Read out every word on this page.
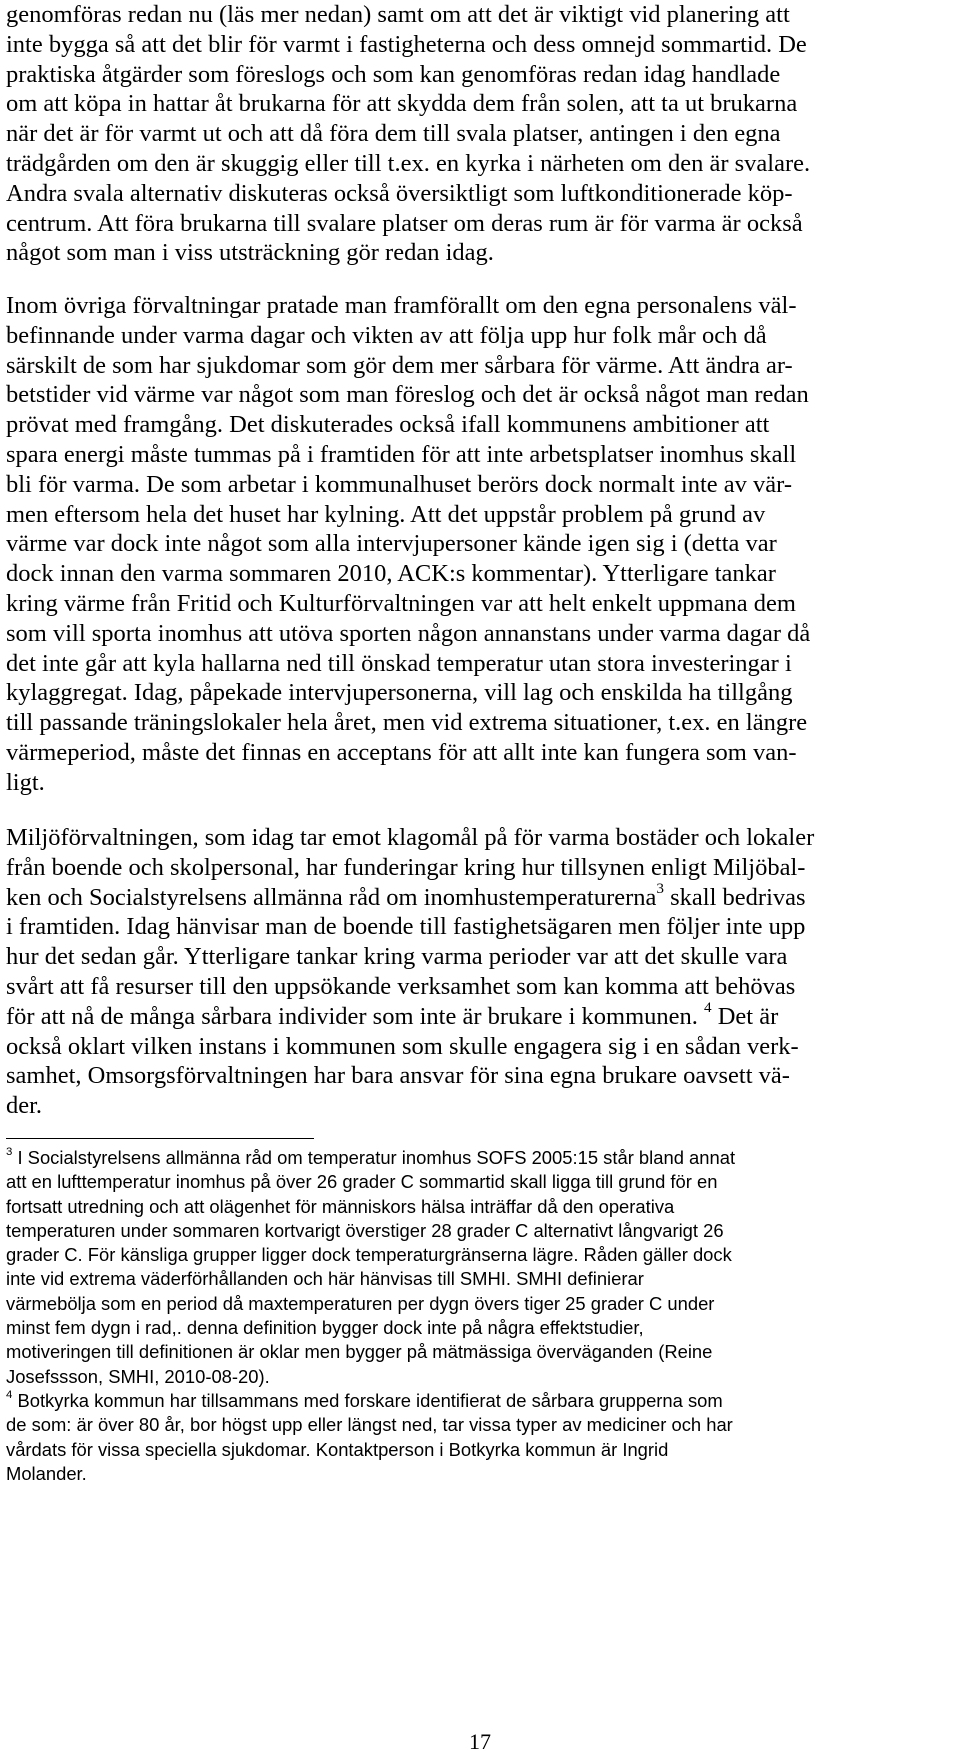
genomföras redan nu (läs mer nedan) samt om att det är viktigt vid planering att
inte bygga så att det blir för varmt i fastigheterna och dess omnejd sommartid. De
praktiska åtgärder som föreslogs och som kan genomföras redan idag handlade
om att köpa in hattar åt brukarna för att skydda dem från solen, att ta ut brukarna
när det är för varmt ut och att då föra dem till svala platser, antingen i den egna
trädgården om den är skuggig eller till t.ex. en kyrka i närheten om den är svalare.
Andra svala alternativ diskuteras också översiktligt som luftkonditionerade köp-
centrum. Att föra brukarna till svalare platser om deras rum är för varma är också
något som man i viss utsträckning gör redan idag.

Inom övriga förvaltningar pratade man framförallt om den egna personalens väl-
befinnande under varma dagar och vikten av att följa upp hur folk mår och då
särskilt de som har sjukdomar som gör dem mer sårbara för värme. Att ändra ar-
betstider vid värme var något som man föreslog och det är också något man redan
prövat med framgång. Det diskuterades också ifall kommunens ambitioner att
spara energi måste tummas på i framtiden för att inte arbetsplatser inomhus skall
bli för varma. De som arbetar i kommunalhuset berörs dock normalt inte av vär-
men eftersom hela det huset har kylning. Att det uppstår problem på grund av
värme var dock inte något som alla intervjupersoner kände igen sig i (detta var
dock innan den varma sommaren 2010, ACK:s kommentar). Ytterligare tankar
kring värme från Fritid och Kulturförvaltningen var att helt enkelt uppmana dem
som vill sporta inomhus att utöva sporten någon annanstans under varma dagar då
det inte går att kyla hallarna ned till önskad temperatur utan stora investeringar i
kylaggregat. Idag, påpekade intervjupersonerna, vill lag och enskilda ha tillgång
till passande träningslokaler hela året, men vid extrema situationer, t.ex. en längre
värmeperiod, måste det finnas en acceptans för att allt inte kan fungera som van-
ligt.

Miljöförvaltningen, som idag tar emot klagomål på för varma bostäder och lokaler
från boende och skolpersonal, har funderingar kring hur tillsynen enligt Miljöbal-
ken och Socialstyrelsens allmänna råd om inomhustemperaturerna$^3$ skall bedrivas
i framtiden. Idag hänvisar man de boende till fastighetsägaren men följer inte upp
hur det sedan går. Ytterligare tankar kring varma perioder var att det skulle vara
svårt att få resurser till den uppsökande verksamhet som kan komma att behövas
för att nå de många sårbara individer som inte är brukare i kommunen. $^4$ Det är
också oklart vilken instans i kommunen som skulle engagera sig i en sådan verk-
samhet, Omsorgsförvaltningen har bara ansvar för sina egna brukare oavsett vä-
der.

$^3$ I Socialstyrelsens allmänna råd om temperatur inomhus SOFS 2005:15 står bland annat
att en lufttemperatur inomhus på över 26 grader C sommartid skall ligga till grund för en
fortsatt utredning och att olägenhet för människors hälsa inträffar då den operativa
temperaturen under sommaren kortvarigt överstiger 28 grader C alternativt långvarigt 26
grader C. För känsliga grupper ligger dock temperaturgränserna lägre. Råden gäller dock
inte vid extrema väderförhållanden och här hänvisas till SMHI. SMHI definierar
värmebölja som en period då maxtemperaturen per dygn övers tiger 25 grader C under
minst fem dygn i rad,. denna definition bygger dock inte på några effektstudier,
motiveringen till definitionen är oklar men bygger på mätmässiga överväganden (Reine
Josefssson, SMHI, 2010-08-20).

$^4$ Botkyrka kommun har tillsammans med forskare identifierat de sårbara grupperna som
de som: är över 80 år, bor högst upp eller längst ned, tar vissa typer av mediciner och har
vårdats för vissa speciella sjukdomar. Kontaktperson i Botkyrka kommun är Ingrid
Molander.

17
